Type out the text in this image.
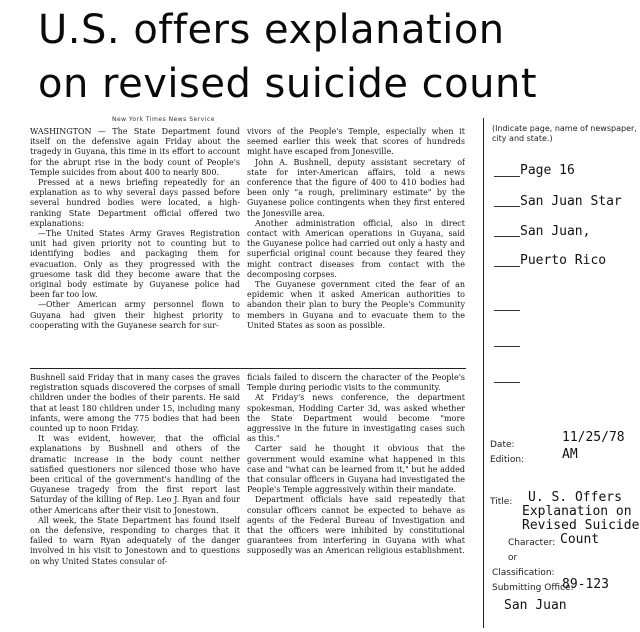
U.S. offers explanation
on revised suicide count
New York Times News Service

WASHINGTON — The State Department found itself on the defensive again Friday about the tragedy in Guyana, this time in its effort to account for the abrupt rise in the body count of People's Temple suicides from about 400 to nearly 800.

Pressed at a news briefing repeatedly for an explanation as to why several days passed before several hundred bodies were located, a high-ranking State Department official offered two explanations:

—The United States Army Graves Registration unit had given priority not to counting but to identifying bodies and packaging them for evacuation. Only as they progressed with the gruesome task did they become aware that the original body estimate by Guyanese police had been far too low.

—Other American army personnel flown to Guyana had given their highest priority to cooperating with the Guyanese search for sur-

vivors of the People's Temple, especially when it seemed earlier this week that scores of hundreds might have escaped from Jonesville.

John A. Bushnell, deputy assistant secretary of state for inter-American affairs, told a news conference that the figure of 400 to 410 bodies had been only "a rough, preliminary estimate" by the Guyanese police contingents when they first entered the Jonesville area.

Another administration official, also in direct contact with American operations in Guyana, said the Guyanese police had carried out only a hasty and superficial original count because they feared they might contract diseases from contact with the decomposing corpses.

The Guyanese government cited the fear of an epidemic when it asked American authorities to abandon their plan to bury the People's Community members in Guyana and to evacuate them to the United States as soon as possible.

Bushnell said Friday that in many cases the graves registration squads discovered the corpses of small children under the bodies of their parents. He said that at least 180 children under 15, including many infants, were among the 775 bodies that had been counted up to noon Friday.

It was evident, however, that the official explanations by Bushnell and others of the dramatic increase in the body count neither satisfied questioners nor silenced those who have been critical of the government's handling of the Guyanese tragedy from the first report last Saturday of the killing of Rep. Leo J. Ryan and four other Americans after their visit to Jonestown.

All week, the State Department has found itself on the defensive, responding to charges that it failed to warn Ryan adequately of the danger involved in his visit to Jonestown and to questions on why United States consular of-

ficials failed to discern the character of the People's Temple during periodic visits to the community.

At Friday's news conference, the department spokesman, Hodding Carter 3d, was asked whether the State Department would become "more aggressive in the future in investigating cases such as this."

Carter said he thought it obvious that the government would examine what happened in this case and "what can be learned from it," but he added that consular officers in Guyana had investigated the People's Temple aggressively within their mandate.

Department officials have said repeatedly that consular officers cannot be expected to behave as agents of the Federal Bureau of Investigation and that the officers were inhibited by constitutional guarantees from interfering in Guyana with what supposedly was an American religious establishment.

(Indicate page, name of newspaper, city and state.)
Page 16
San Juan Star
San Juan,
Puerto Rico
Date:	11/25/78
Edition:	AM
Title:	U. S. Offers
Explanation on
Revised Suicide
Count
Character:
or
Classification:
Submitting Office:
89-123
San Juan
